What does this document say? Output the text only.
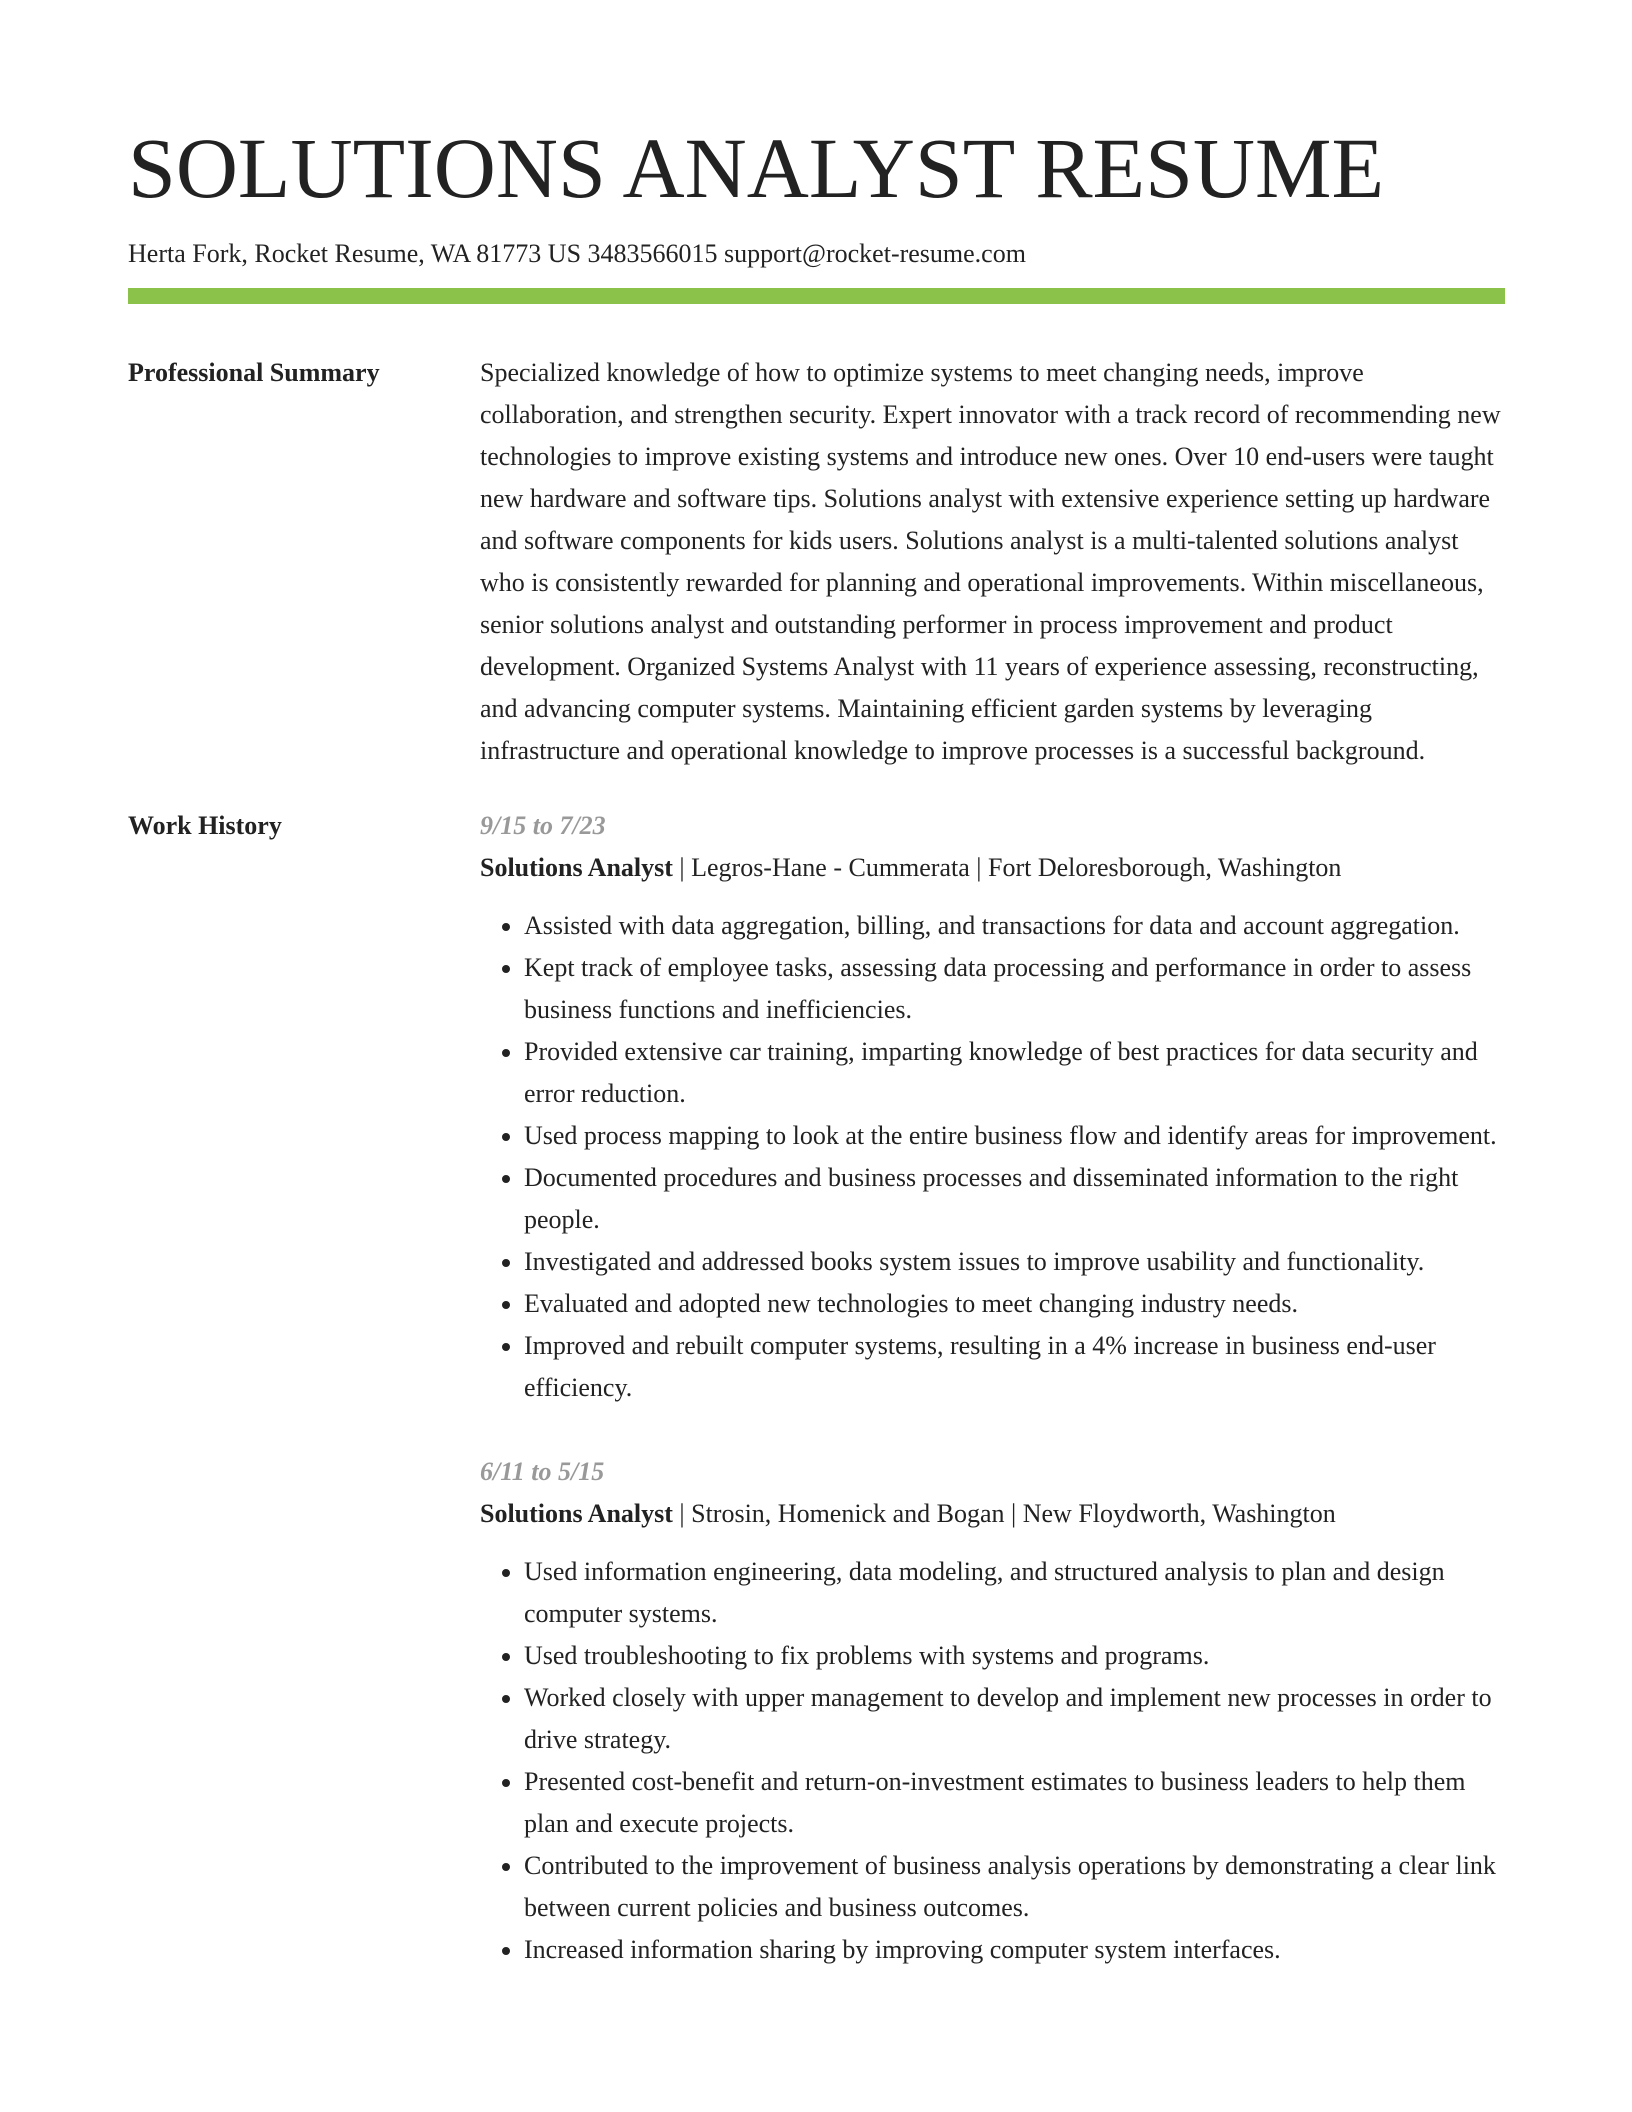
SOLUTIONS ANALYST RESUME
Herta Fork, Rocket Resume, WA 81773 US 3483566015 support@rocket-resume.com
Professional Summary	Specialized knowledge of how to optimize systems to meet changing needs, improve collaboration, and strengthen security. Expert innovator with a track record of recommending new technologies to improve existing systems and introduce new ones. Over 10 end-users were taught new hardware and software tips. Solutions analyst with extensive experience setting up hardware and software components for kids users. Solutions analyst is a multi-talented solutions analyst who is consistently rewarded for planning and operational improvements. Within miscellaneous, senior solutions analyst and outstanding performer in process improvement and product development. Organized Systems Analyst with 11 years of experience assessing, reconstructing, and advancing computer systems. Maintaining efficient garden systems by leveraging infrastructure and operational knowledge to improve processes is a successful background.

Work History	9/15 to 7/23
Solutions Analyst | Legros-Hane - Cummerata | Fort Deloresborough, Washington
• Assisted with data aggregation, billing, and transactions for data and account aggregation.
• Kept track of employee tasks, assessing data processing and performance in order to assess business functions and inefficiencies.
• Provided extensive car training, imparting knowledge of best practices for data security and error reduction.
• Used process mapping to look at the entire business flow and identify areas for improvement.
• Documented procedures and business processes and disseminated information to the right people.
• Investigated and addressed books system issues to improve usability and functionality.
• Evaluated and adopted new technologies to meet changing industry needs.
• Improved and rebuilt computer systems, resulting in a 4% increase in business end-user efficiency.
6/11 to 5/15
Solutions Analyst | Strosin, Homenick and Bogan | New Floydworth, Washington
• Used information engineering, data modeling, and structured analysis to plan and design computer systems.
• Used troubleshooting to fix problems with systems and programs.
• Worked closely with upper management to develop and implement new processes in order to drive strategy.
• Presented cost-benefit and return-on-investment estimates to business leaders to help them plan and execute projects.
• Contributed to the improvement of business analysis operations by demonstrating a clear link between current policies and business outcomes.
• Increased information sharing by improving computer system interfaces.
